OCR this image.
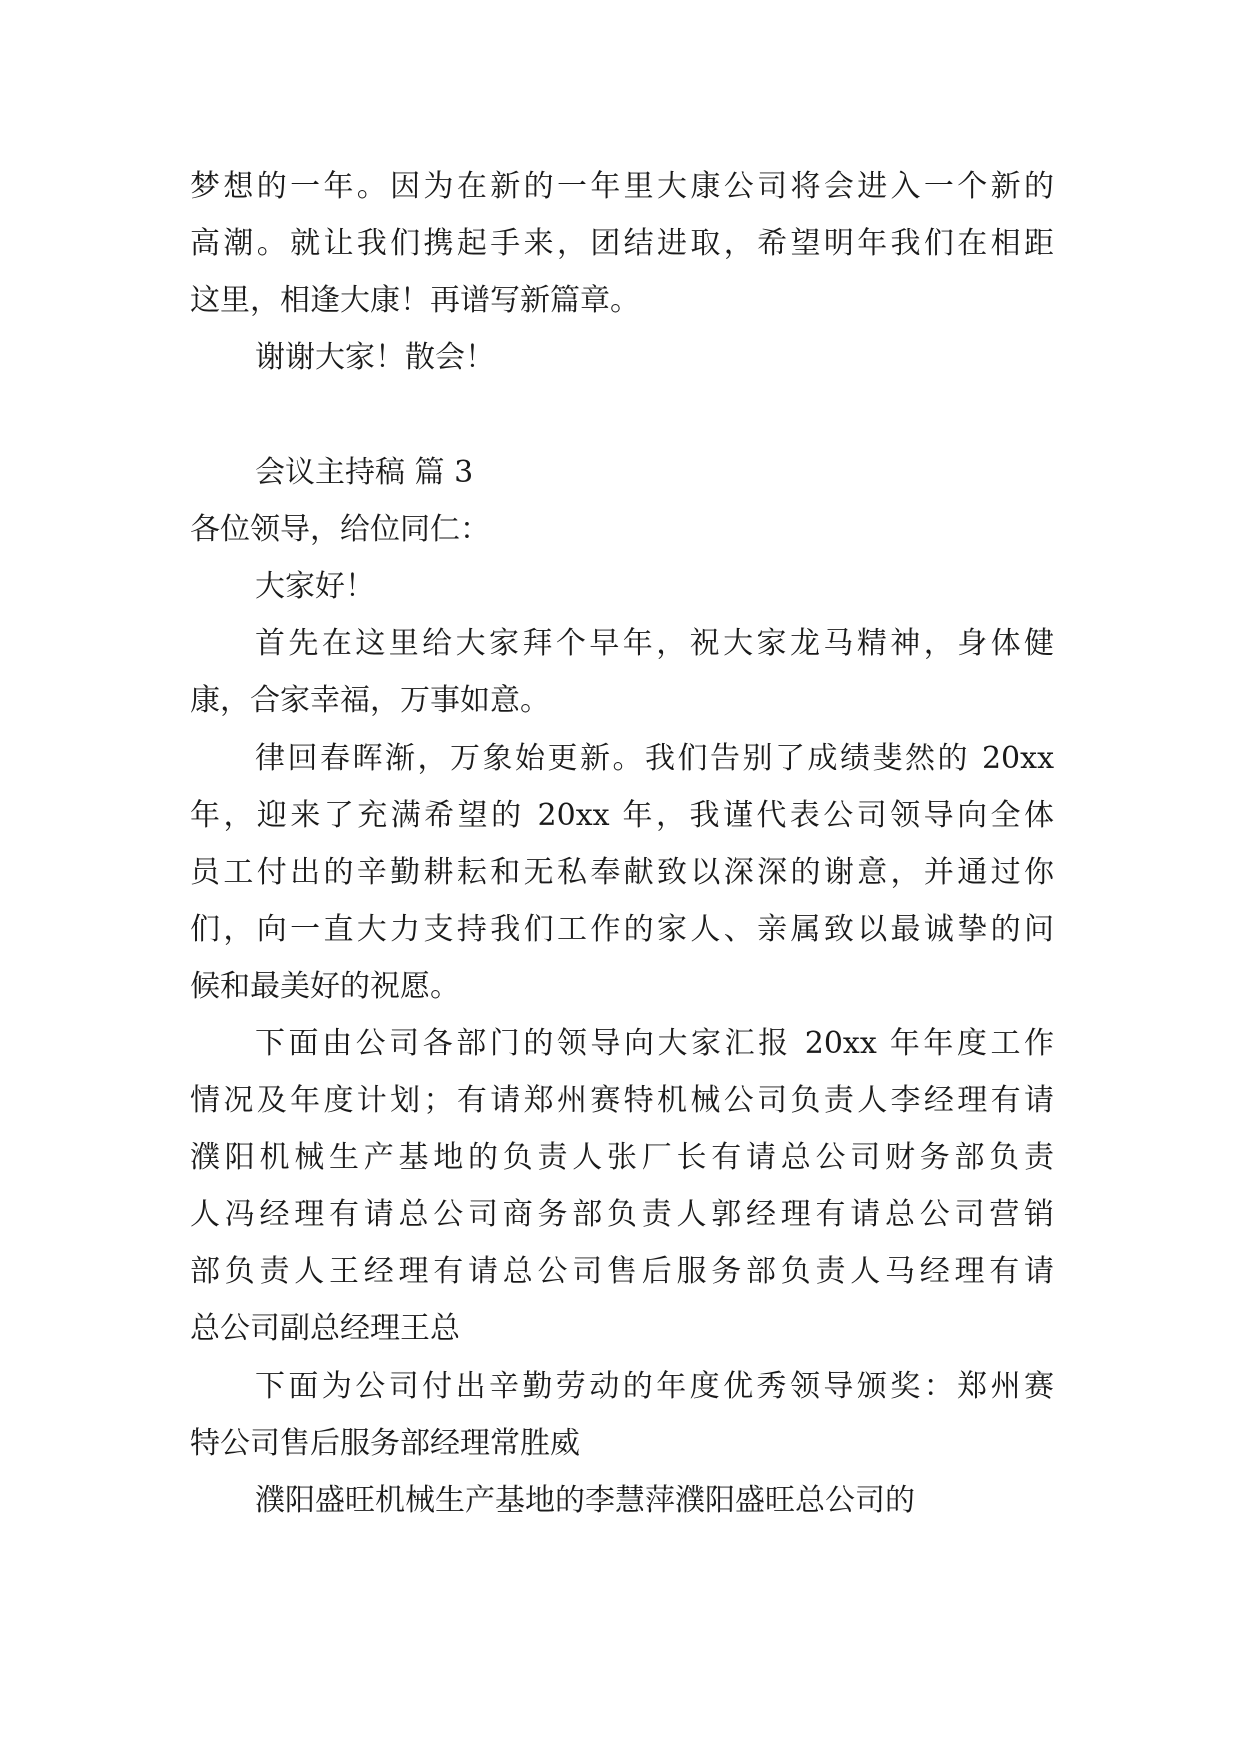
梦想的一年。因为在新的一年里大康公司将会进入一个新的
高潮。就让我们携起手来，团结进取，希望明年我们在相距
这里，相逢大康！再谱写新篇章。
谢谢大家！散会！
会议主持稿 篇 3
各位领导，给位同仁：
大家好！
首先在这里给大家拜个早年，祝大家龙马精神，身体健
康，合家幸福，万事如意。
律回春晖渐，万象始更新。我们告别了成绩斐然的 20xx
年，迎来了充满希望的 20xx 年，我谨代表公司领导向全体
员工付出的辛勤耕耘和无私奉献致以深深的谢意，并通过你
们，向一直大力支持我们工作的家人、亲属致以最诚挚的问
候和最美好的祝愿。
下面由公司各部门的领导向大家汇报 20xx 年年度工作
情况及年度计划；有请郑州赛特机械公司负责人李经理有请
濮阳机械生产基地的负责人张厂长有请总公司财务部负责
人冯经理有请总公司商务部负责人郭经理有请总公司营销
部负责人王经理有请总公司售后服务部负责人马经理有请
总公司副总经理王总
下面为公司付出辛勤劳动的年度优秀领导颁奖：郑州赛
特公司售后服务部经理常胜威
濮阳盛旺机械生产基地的李慧萍濮阳盛旺总公司的
